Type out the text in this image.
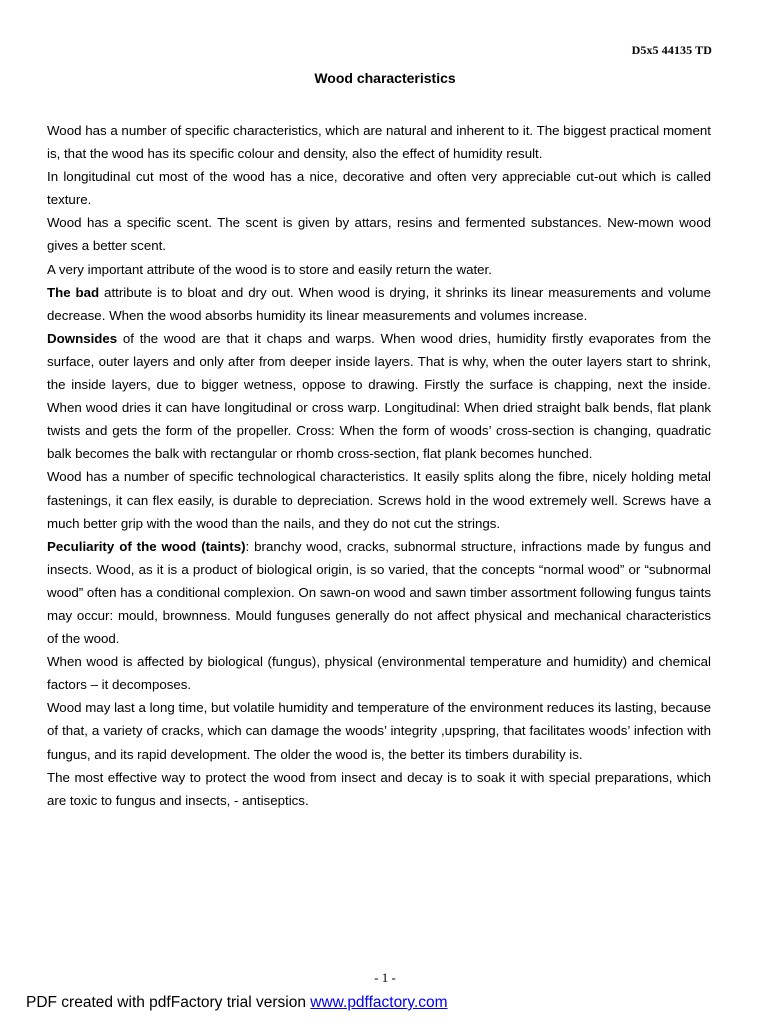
D5x5 44135 TD
Wood characteristics

Wood has a number of specific characteristics, which are natural and inherent to it. The biggest practical moment is, that the wood has its specific colour and density, also the effect of humidity result.

In longitudinal cut most of the wood has a nice, decorative and often very appreciable cut-out which is called texture.

Wood has a specific scent. The scent is given by attars, resins and fermented substances. New-mown wood gives a better scent.

A very important attribute of the wood is to store and easily return the water.

The bad attribute is to bloat and dry out. When wood is drying, it shrinks its linear measurements and volume decrease. When the wood absorbs humidity its linear measurements and volumes increase.

Downsides of the wood are that it chaps and warps. When wood dries, humidity firstly evaporates from the surface, outer layers and only after from deeper inside layers. That is why, when the outer layers start to shrink, the inside layers, due to bigger wetness, oppose to drawing. Firstly the surface is chapping, next the inside. When wood dries it can have longitudinal or cross warp. Longitudinal: When dried straight balk bends, flat plank twists and gets the form of the propeller. Cross: When the form of woods’ cross-section is changing, quadratic balk becomes the balk with rectangular or rhomb cross-section, flat plank becomes hunched.

Wood has a number of specific technological characteristics. It easily splits along the fibre, nicely holding metal fastenings, it can flex easily, is durable to depreciation. Screws hold in the wood extremely well. Screws have a much better grip with the wood than the nails, and they do not cut the strings.

Peculiarity of the wood (taints): branchy wood, cracks, subnormal structure, infractions made by fungus and insects. Wood, as it is a product of biological origin, is so varied, that the concepts “normal wood” or “subnormal wood” often has a conditional complexion. On sawn-on wood and sawn timber assortment following fungus taints may occur: mould, brownness. Mould funguses generally do not affect physical and mechanical characteristics of the wood.

When wood is affected by biological (fungus), physical (environmental temperature and humidity) and chemical factors – it decomposes.

Wood may last a long time, but volatile humidity and temperature of the environment reduces its lasting, because of that, a variety of cracks, which can damage the woods’ integrity ,upspring, that facilitates woods’ infection with fungus, and its rapid development. The older the wood is, the better its timbers durability is.

The most effective way to protect the wood from insect and decay is to soak it with special preparations, which are toxic to fungus and insects, - antiseptics.

- 1 -
PDF created with pdfFactory trial version www.pdffactory.com
